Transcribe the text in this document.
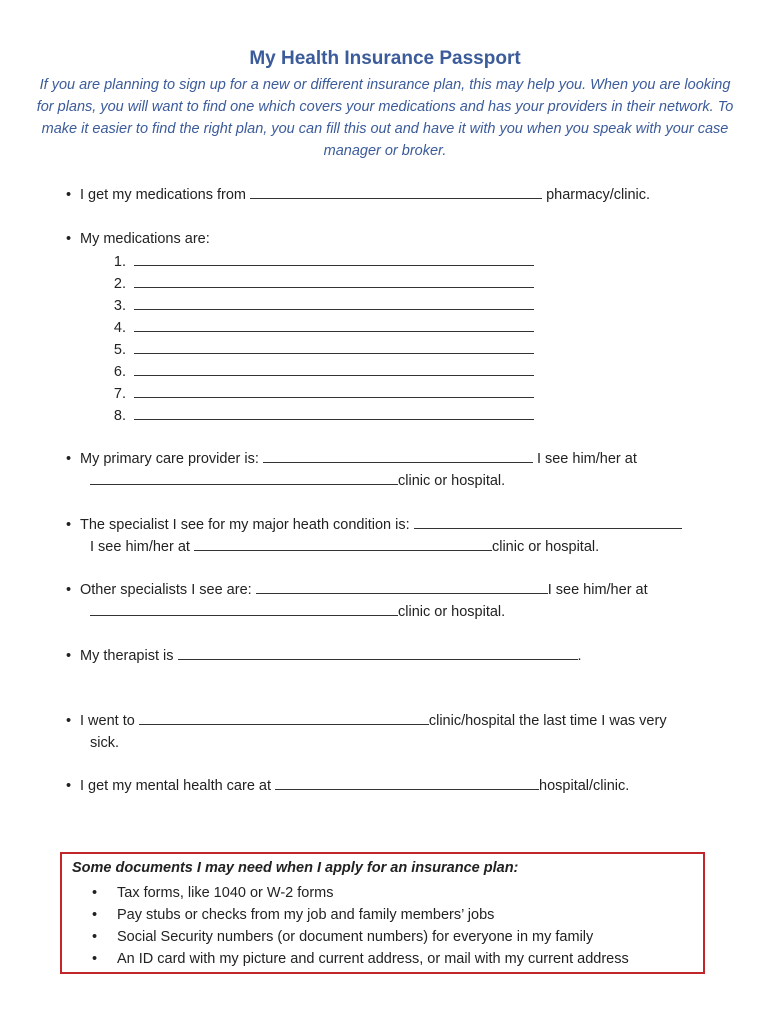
My Health Insurance Passport
If you are planning to sign up for a new or different insurance plan, this may help you. When you are looking for plans, you will want to find one which covers your medications and has your providers in their network. To make it easier to find the right plan, you can fill this out and have it with you when you speak with your case manager or broker.
• I get my medications from	pharmacy/clinic.
• My medications are:
1.
2.
3.
4.
5.
6.
7.
8.
• My primary care provider is:	I see him/her at
clinic or hospital.
• The specialist I see for my major heath condition is:
I see him/her at	clinic or hospital.
• Other specialists I see are:	I see him/her at
clinic or hospital.
• My therapist is	.
• I went to	clinic/hospital the last time I was very
sick.
• I get my mental health care at	hospital/clinic.
Some documents I may need when I apply for an insurance plan:
• Tax forms, like 1040 or W-2 forms
• Pay stubs or checks from my job and family members’ jobs
• Social Security numbers (or document numbers) for everyone in my family
• An ID card with my picture and current address, or mail with my current address
